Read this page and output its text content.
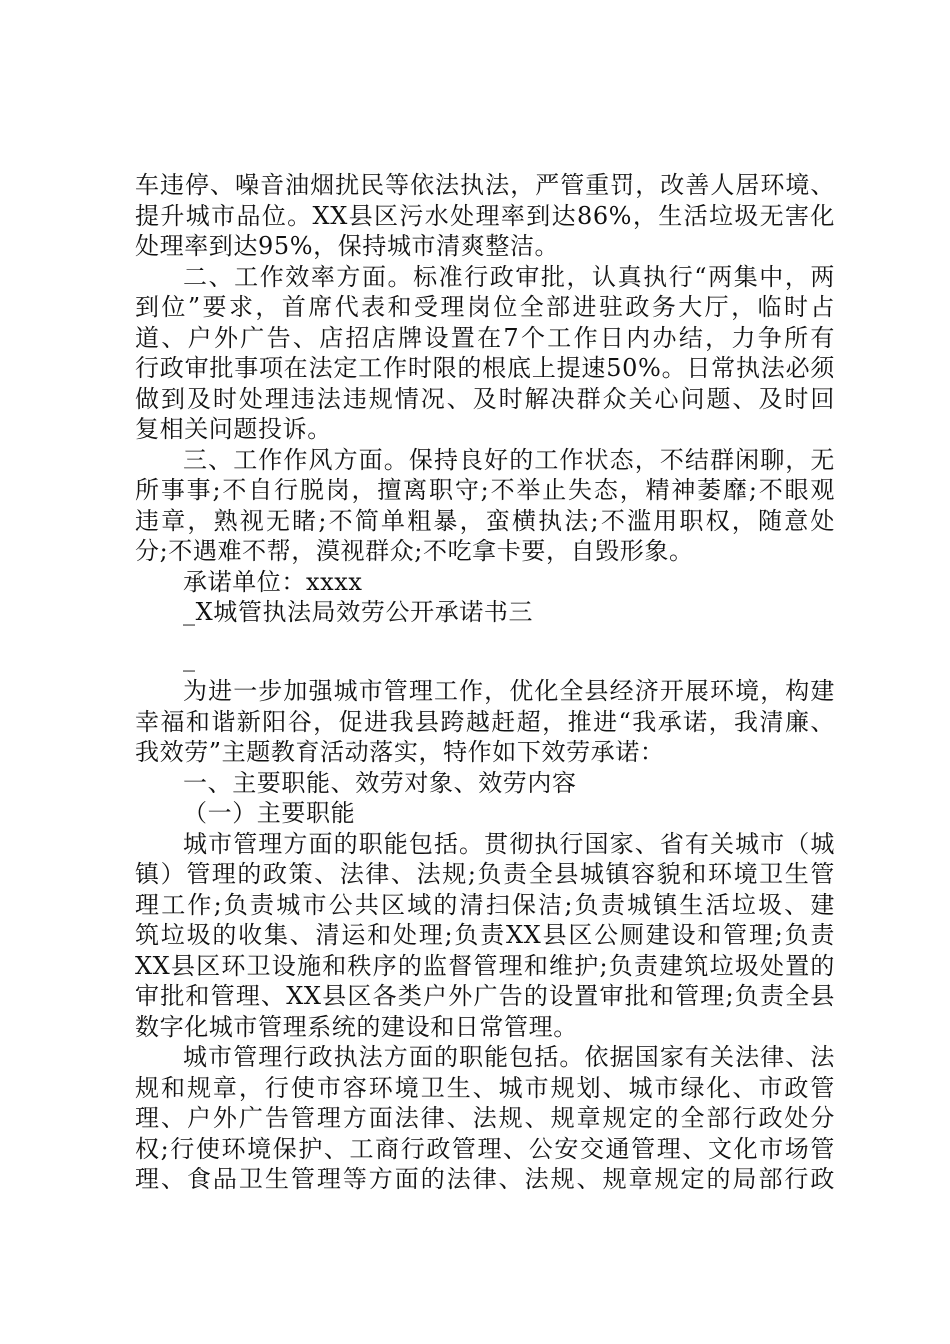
车违停、噪音油烟扰民等依法执法，严管重罚，改善人居环境、
提升城市品位。XX县区污水处理率到达86%，生活垃圾无害化
处理率到达95%，保持城市清爽整洁。
二、工作效率方面。标准行政审批，认真执行“两集中，两
到位”要求，首席代表和受理岗位全部进驻政务大厅，临时占
道、户外广告、店招店牌设置在7个工作日内办结，力争所有
行政审批事项在法定工作时限的根底上提速50%。日常执法必须
做到及时处理违法违规情况、及时解决群众关心问题、及时回
复相关问题投诉。
三、工作作风方面。保持良好的工作状态，不结群闲聊，无
所事事;不自行脱岗，擅离职守;不举止失态，精神萎靡;不眼观
违章，熟视无睹;不简单粗暴，蛮横执法;不滥用职权，随意处
分;不遇难不帮，漠视群众;不吃拿卡要，自毁形象。
承诺单位：xxxx
_X城管执法局效劳公开承诺书三
_
为进一步加强城市管理工作，优化全县经济开展环境，构建
幸福和谐新阳谷，促进我县跨越赶超，推进“我承诺，我清廉、
我效劳”主题教育活动落实，特作如下效劳承诺：
一、主要职能、效劳对象、效劳内容
（一）主要职能
城市管理方面的职能包括。贯彻执行国家、省有关城市（城
镇）管理的政策、法律、法规;负责全县城镇容貌和环境卫生管
理工作;负责城市公共区域的清扫保洁;负责城镇生活垃圾、建
筑垃圾的收集、清运和处理;负责XX县区公厕建设和管理;负责
XX县区环卫设施和秩序的监督管理和维护;负责建筑垃圾处置的
审批和管理、XX县区各类户外广告的设置审批和管理;负责全县
数字化城市管理系统的建设和日常管理。
城市管理行政执法方面的职能包括。依据国家有关法律、法
规和规章，行使市容环境卫生、城市规划、城市绿化、市政管
理、户外广告管理方面法律、法规、规章规定的全部行政处分
权;行使环境保护、工商行政管理、公安交通管理、文化市场管
理、食品卫生管理等方面的法律、法规、规章规定的局部行政
